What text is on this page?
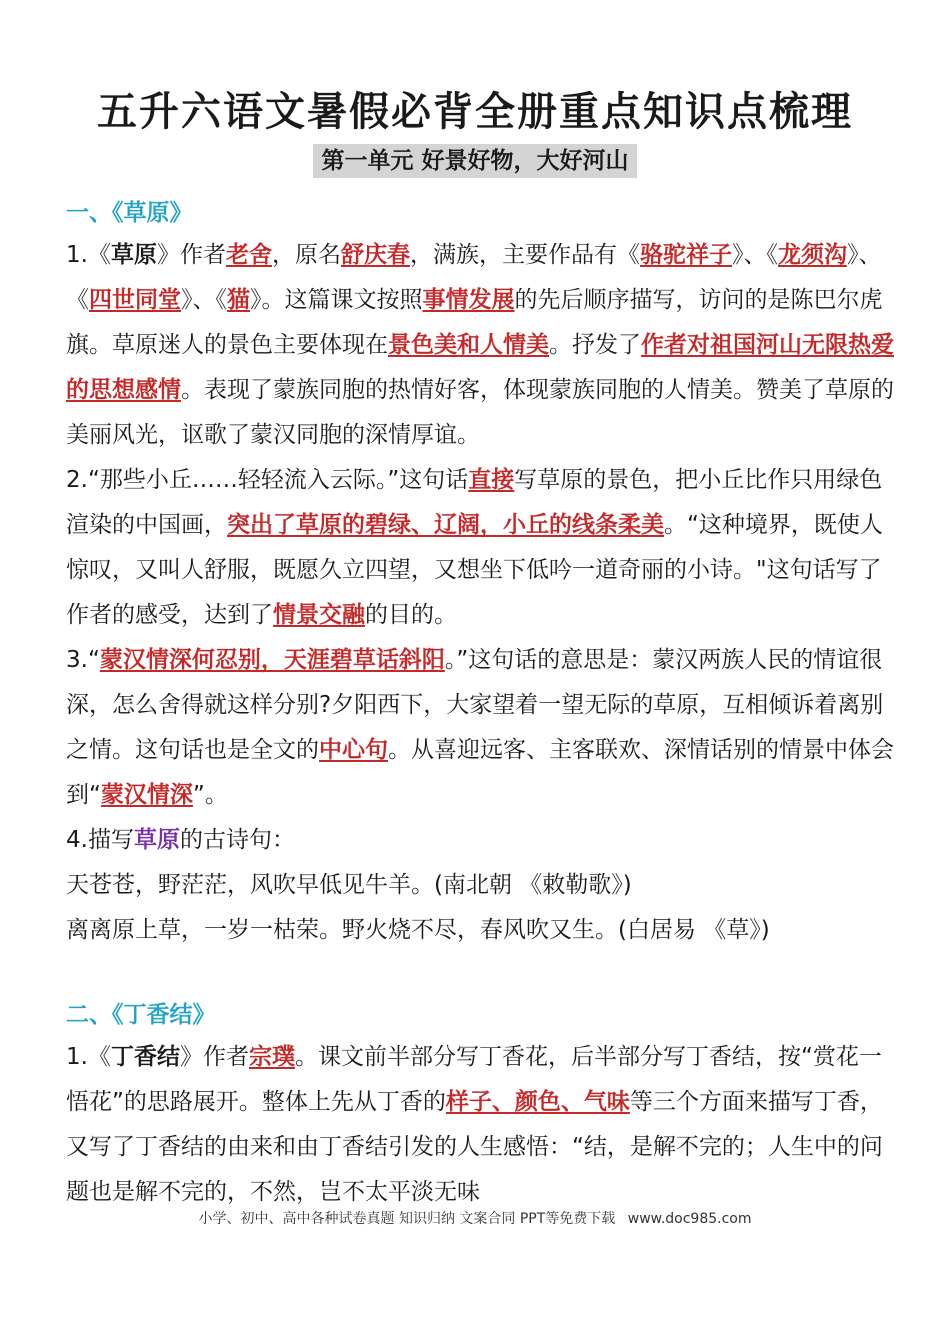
五升六语文暑假必背全册重点知识点梳理
第一单元 好景好物，大好河山
一、《草原》

1.《草原》作者老舍，原名舒庆春，满族，主要作品有《骆驼祥子》、《龙须沟》、《四世同堂》、《猫》。这篇课文按照事情发展的先后顺序描写，访问的是陈巴尔虎旗。草原迷人的景色主要体现在景色美和人情美。抒发了作者对祖国河山无限热爱的思想感情。表现了蒙族同胞的热情好客，体现蒙族同胞的人情美。赞美了草原的美丽风光，讴歌了蒙汉同胞的深情厚谊。

2.“那些小丘……轻轻流入云际。”这句话直接写草原的景色，把小丘比作只用绿色渲染的中国画，突出了草原的碧绿、辽阔，小丘的线条柔美。“这种境界，既使人惊叹，又叫人舒服，既愿久立四望，又想坐下低吟一道奇丽的小诗。"这句话写了作者的感受，达到了情景交融的目的。

3.“蒙汉情深何忍别，天涯碧草话斜阳。”这句话的意思是：蒙汉两族人民的情谊很深，怎么舍得就这样分别?夕阳西下，大家望着一望无际的草原，互相倾诉着离别之情。这句话也是全文的中心句。从喜迎远客、主客联欢、深情话别的情景中体会到“蒙汉情深”。

4.描写草原的古诗句：

天苍苍，野茫茫，风吹早低见牛羊。(南北朝 《敕勒歌》)

离离原上草，一岁一枯荣。野火烧不尽，春风吹又生。(白居易 《草》)

二、《丁香结》

1.《丁香结》作者宗璞。课文前半部分写丁香花，后半部分写丁香结，按“赏花一悟花”的思路展开。整体上先从丁香的样子、颜色、气味等三个方面来描写丁香，又写了丁香结的由来和由丁香结引发的人生感悟：“结，是解不完的；人生中的问题也是解不完的，不然，岂不太平淡无味

小学、初中、高中各种试卷真题 知识归纳 文案合同 PPT等免费下载 www.doc985.com
